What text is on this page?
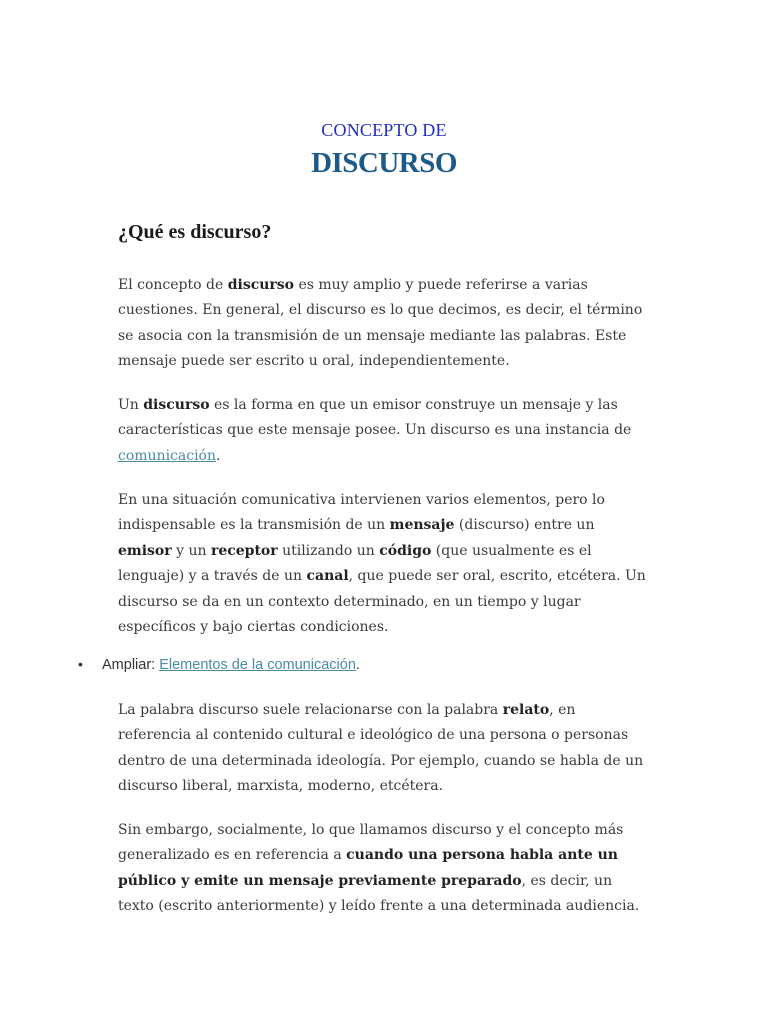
CONCEPTO DE
DISCURSO
¿Qué es discurso?

El concepto de discurso es muy amplio y puede referirse a varias cuestiones. En general, el discurso es lo que decimos, es decir, el término se asocia con la transmisión de un mensaje mediante las palabras. Este mensaje puede ser escrito u oral, independientemente.

Un discurso es la forma en que un emisor construye un mensaje y las características que este mensaje posee. Un discurso es una instancia de comunicación.

En una situación comunicativa intervienen varios elementos, pero lo indispensable es la transmisión de un mensaje (discurso) entre un emisor y un receptor utilizando un código (que usualmente es el lenguaje) y a través de un canal, que puede ser oral, escrito, etcétera. Un discurso se da en un contexto determinado, en un tiempo y lugar específicos y bajo ciertas condiciones.

• Ampliar: Elementos de la comunicación.

La palabra discurso suele relacionarse con la palabra relato, en referencia al contenido cultural e ideológico de una persona o personas dentro de una determinada ideología. Por ejemplo, cuando se habla de un discurso liberal, marxista, moderno, etcétera.

Sin embargo, socialmente, lo que llamamos discurso y el concepto más generalizado es en referencia a cuando una persona habla ante un público y emite un mensaje previamente preparado, es decir, un texto (escrito anteriormente) y leído frente a una determinada audiencia.
